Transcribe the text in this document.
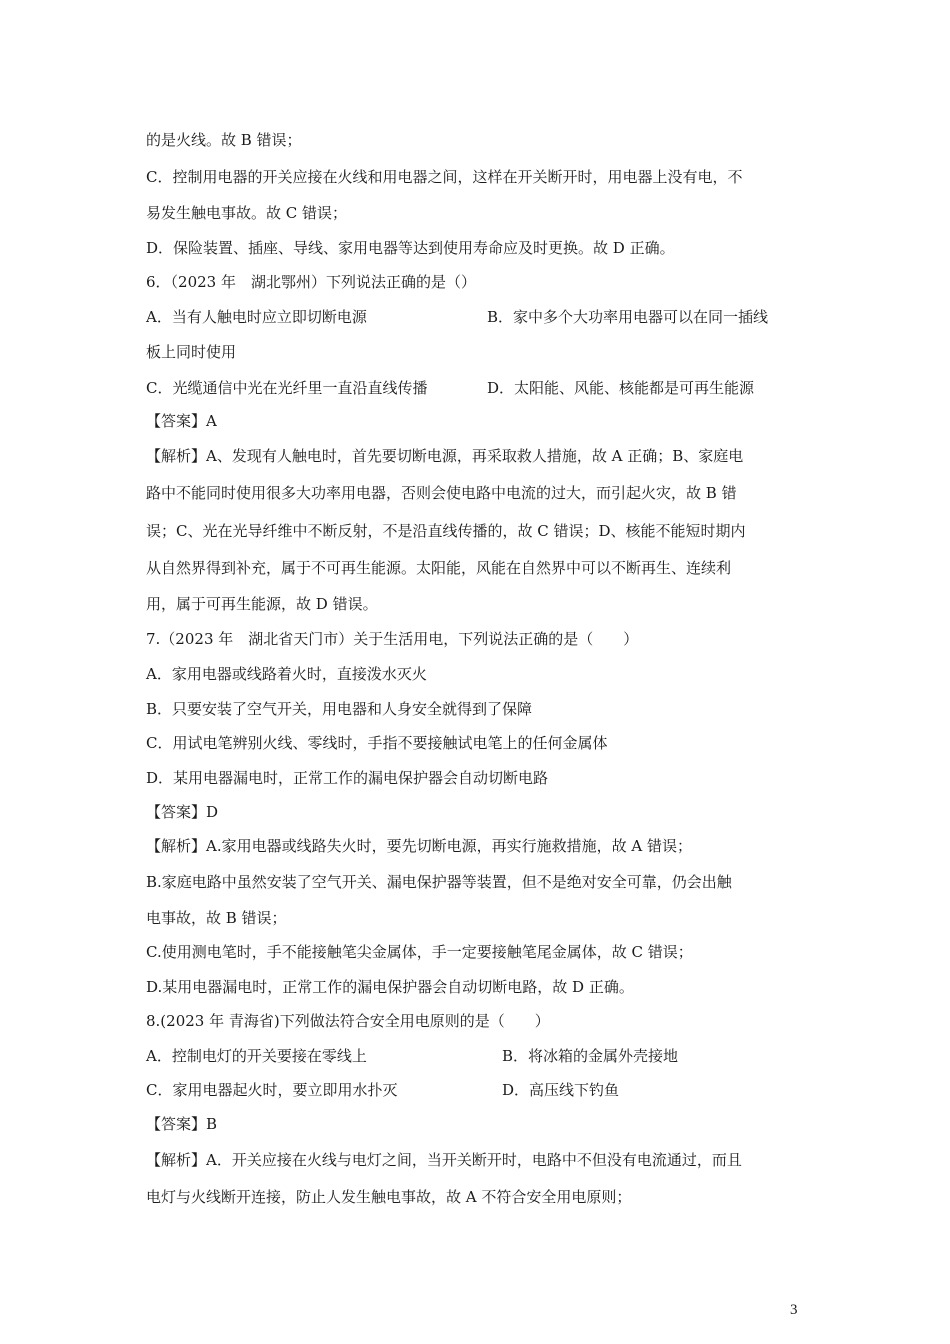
的是火线。故 B 错误；
C．控制用电器的开关应接在火线和用电器之间，这样在开关断开时，用电器上没有电，不
易发生触电事故。故 C 错误；
D．保险装置、插座、导线、家用电器等达到使用寿命应及时更换。故 D 正确。
6．（2023 年　湖北鄂州）下列说法正确的是（）
A．当有人触电时应立即切断电源	B．家中多个大功率用电器可以在同一插线
板上同时使用
C．光缆通信中光在光纤里一直沿直线传播	D．太阳能、风能、核能都是可再生能源
【答案】A
【解析】A、发现有人触电时，首先要切断电源，再采取救人措施，故 A 正确；B、家庭电
路中不能同时使用很多大功率用电器，否则会使电路中电流的过大，而引起火灾，故 B 错
误；C、光在光导纤维中不断反射，不是沿直线传播的，故 C 错误；D、核能不能短时期内
从自然界得到补充，属于不可再生能源。太阳能，风能在自然界中可以不断再生、连续利
用，属于可再生能源，故 D 错误。
7.（2023 年　湖北省天门市）关于生活用电，下列说法正确的是（　　）
A．家用电器或线路着火时，直接泼水灭火
B．只要安装了空气开关，用电器和人身安全就得到了保障
C．用试电笔辨别火线、零线时，手指不要接触试电笔上的任何金属体
D．某用电器漏电时，正常工作的漏电保护器会自动切断电路
【答案】D
【解析】A.家用电器或线路失火时，要先切断电源，再实行施救措施，故 A 错误；
B.家庭电路中虽然安装了空气开关、漏电保护器等装置，但不是绝对安全可靠，仍会出触
电事故，故 B 错误；
C.使用测电笔时，手不能接触笔尖金属体，手一定要接触笔尾金属体，故 C 错误；
D.某用电器漏电时，正常工作的漏电保护器会自动切断电路，故 D 正确。
8.(2023 年 青海省)下列做法符合安全用电原则的是（　　）
A．控制电灯的开关要接在零线上	B．将冰箱的金属外壳接地
C．家用电器起火时，要立即用水扑灭	D．高压线下钓鱼
【答案】B
【解析】A．开关应接在火线与电灯之间，当开关断开时，电路中不但没有电流通过，而且
电灯与火线断开连接，防止人发生触电事故，故 A 不符合安全用电原则；
3
